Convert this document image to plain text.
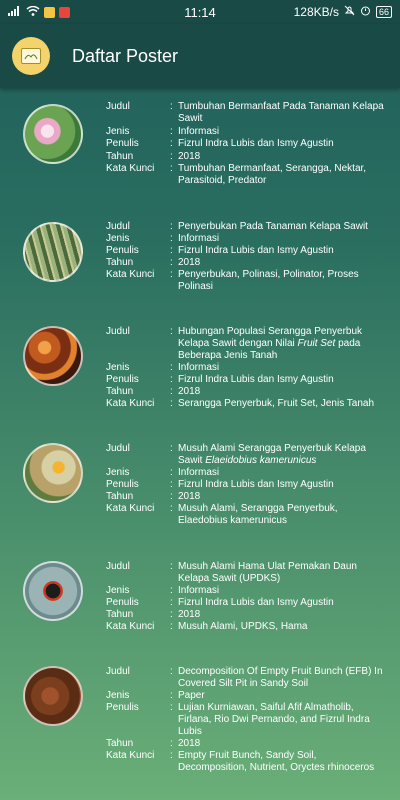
11:14	128KB/s	66
Daftar Poster
Judul	: Tumbuhan Bermanfaat Pada Tanaman Kelapa Sawit
Jenis	: Informasi
Penulis	: Fizrul Indra Lubis dan Ismy Agustin
Tahun	: 2018
Kata Kunci	: Tumbuhan Bermanfaat, Serangga, Nektar, Parasitoid, Predator
Judul	: Penyerbukan Pada Tanaman Kelapa Sawit
Jenis	: Informasi
Penulis	: Fizrul Indra Lubis dan Ismy Agustin
Tahun	: 2018
Kata Kunci	: Penyerbukan, Polinasi, Polinator, Proses Polinasi
Judul	: Hubungan Populasi Serangga Penyerbuk Kelapa Sawit dengan Nilai Fruit Set pada Beberapa Jenis Tanah
Jenis	: Informasi
Penulis	: Fizrul Indra Lubis dan Ismy Agustin
Tahun	: 2018
Kata Kunci	: Serangga Penyerbuk, Fruit Set, Jenis Tanah
Judul	: Musuh Alami Serangga Penyerbuk Kelapa Sawit Elaeidobius kamerunicus
Jenis	: Informasi
Penulis	: Fizrul Indra Lubis dan Ismy Agustin
Tahun	: 2018
Kata Kunci	: Musuh Alami, Serangga Penyerbuk, Elaedobius kamerunicus
Judul	: Musuh Alami Hama Ulat Pemakan Daun Kelapa Sawit (UPDKS)
Jenis	: Informasi
Penulis	: Fizrul Indra Lubis dan Ismy Agustin
Tahun	: 2018
Kata Kunci	: Musuh Alami, UPDKS, Hama
Judul	: Decomposition Of Empty Fruit Bunch (EFB) In Covered Silt Pit in Sandy Soil
Jenis	: Paper
Penulis	: Lujian Kurniawan, Saiful Afif Almatholib, Firlana, Rio Dwi Pernando, and Fizrul Indra Lubis
Tahun	: 2018
Kata Kunci	: Empty Fruit Bunch, Sandy Soil, Decomposition, Nutrient, Oryctes rhinoceros
